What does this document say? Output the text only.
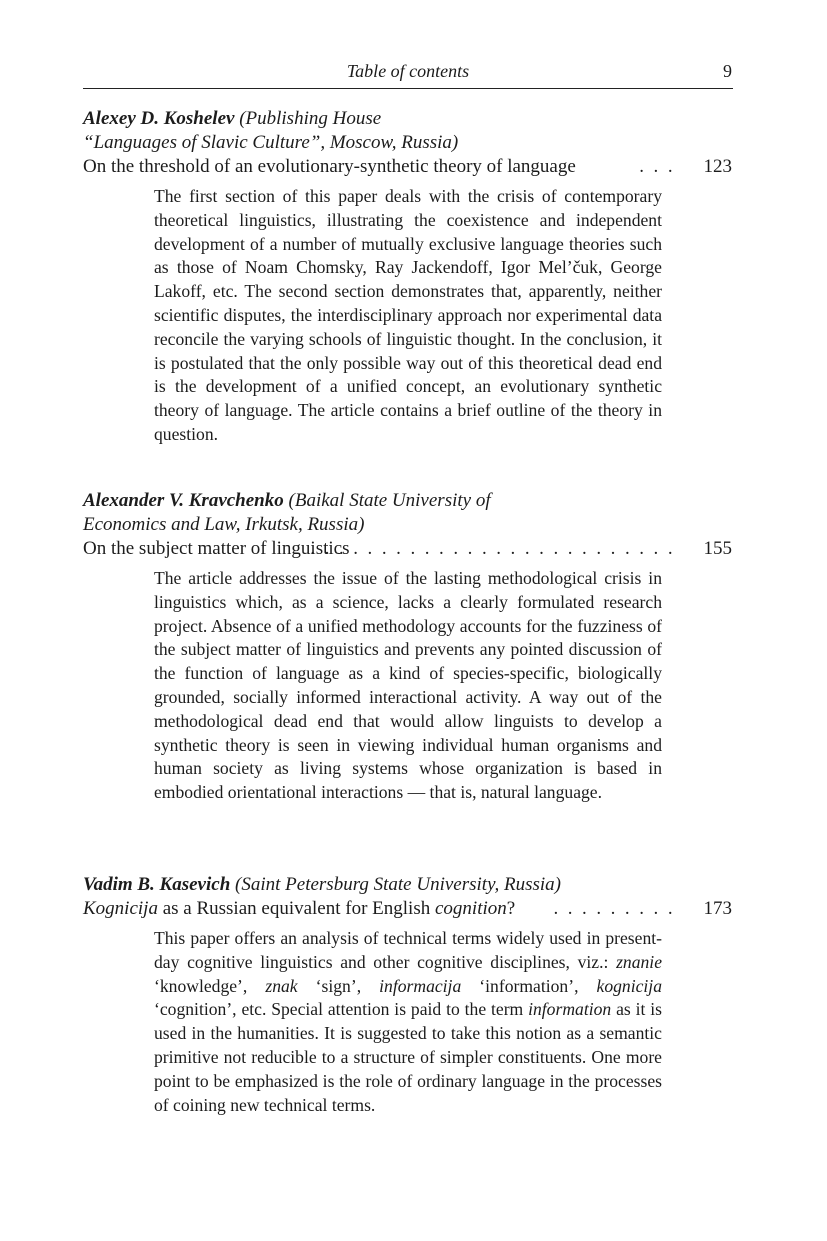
Table of contents	9
Alexey D. Koshelev (Publishing House
“Languages of Slavic Culture”, Moscow, Russia)
On the threshold of an evolutionary-synthetic theory of language	. . . 123
The first section of this paper deals with the crisis of contemporary theoretical linguistics, illustrating the coexistence and independent development of a number of mutually exclusive language theories such as those of Noam Chomsky, Ray Jackendoff, Igor Mel’čuk, George Lakoff, etc. The second section demonstrates that, apparently, neither scientific disputes, the interdisciplinary approach nor experimental data reconcile the varying schools of linguistic thought. In the conclusion, it is postulated that the only possible way out of this theoretical dead end is the development of a unified concept, an evolutionary synthetic theory of language. The article contains a brief outline of the theory in question.
Alexander V. Kravchenko (Baikal State University of
Economics and Law, Irkutsk, Russia)
On the subject matter of linguistics
. . . . . . . . . . . . . . . . . . . . . . . . . . 155
The article addresses the issue of the lasting methodological crisis in linguistics which, as a science, lacks a clearly formulated research project. Absence of a unified methodology accounts for the fuzziness of the subject matter of linguistics and prevents any pointed discussion of the function of language as a kind of species-specific, biologically grounded, socially informed interactional activity. A way out of the methodological dead end that would allow linguists to develop a synthetic theory is seen in viewing individual human organisms and human society as living systems whose organization is based in embodied orientational interactions — that is, natural language.
Vadim B. Kasevich (Saint Petersburg State University, Russia)
Kognicija as a Russian equivalent for English cognition? . . . . . . . . . 173
This paper offers an analysis of technical terms widely used in present-day cognitive linguistics and other cognitive disciplines, viz.: znanie ‘knowledge’, znak ‘sign’, informacija ‘information’, kognicija ‘cognition’, etc. Special attention is paid to the term information as it is used in the humanities. It is suggested to take this notion as a semantic primitive not reducible to a structure of simpler constituents. One more point to be emphasized is the role of ordinary language in the processes of coining new technical terms.
